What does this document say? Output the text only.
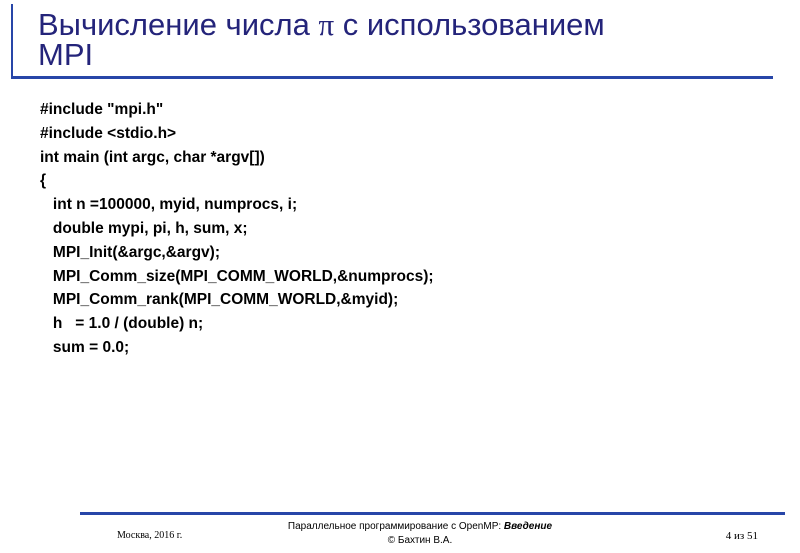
Вычисление числа π с использованием
MPI
#include "mpi.h"
#include <stdio.h>
int main (int argc, char *argv[])
{
int n =100000, myid, numprocs, i;
double mypi, pi, h, sum, x;
MPI_Init(&argc,&argv);
MPI_Comm_size(MPI_COMM_WORLD,&numprocs);
MPI_Comm_rank(MPI_COMM_WORLD,&myid);
h   = 1.0 / (double) n;
sum = 0.0;
Москва, 2016 г.
Параллельное программирование с OpenMP: Введение
© Бахтин В.А.	4 из 51
